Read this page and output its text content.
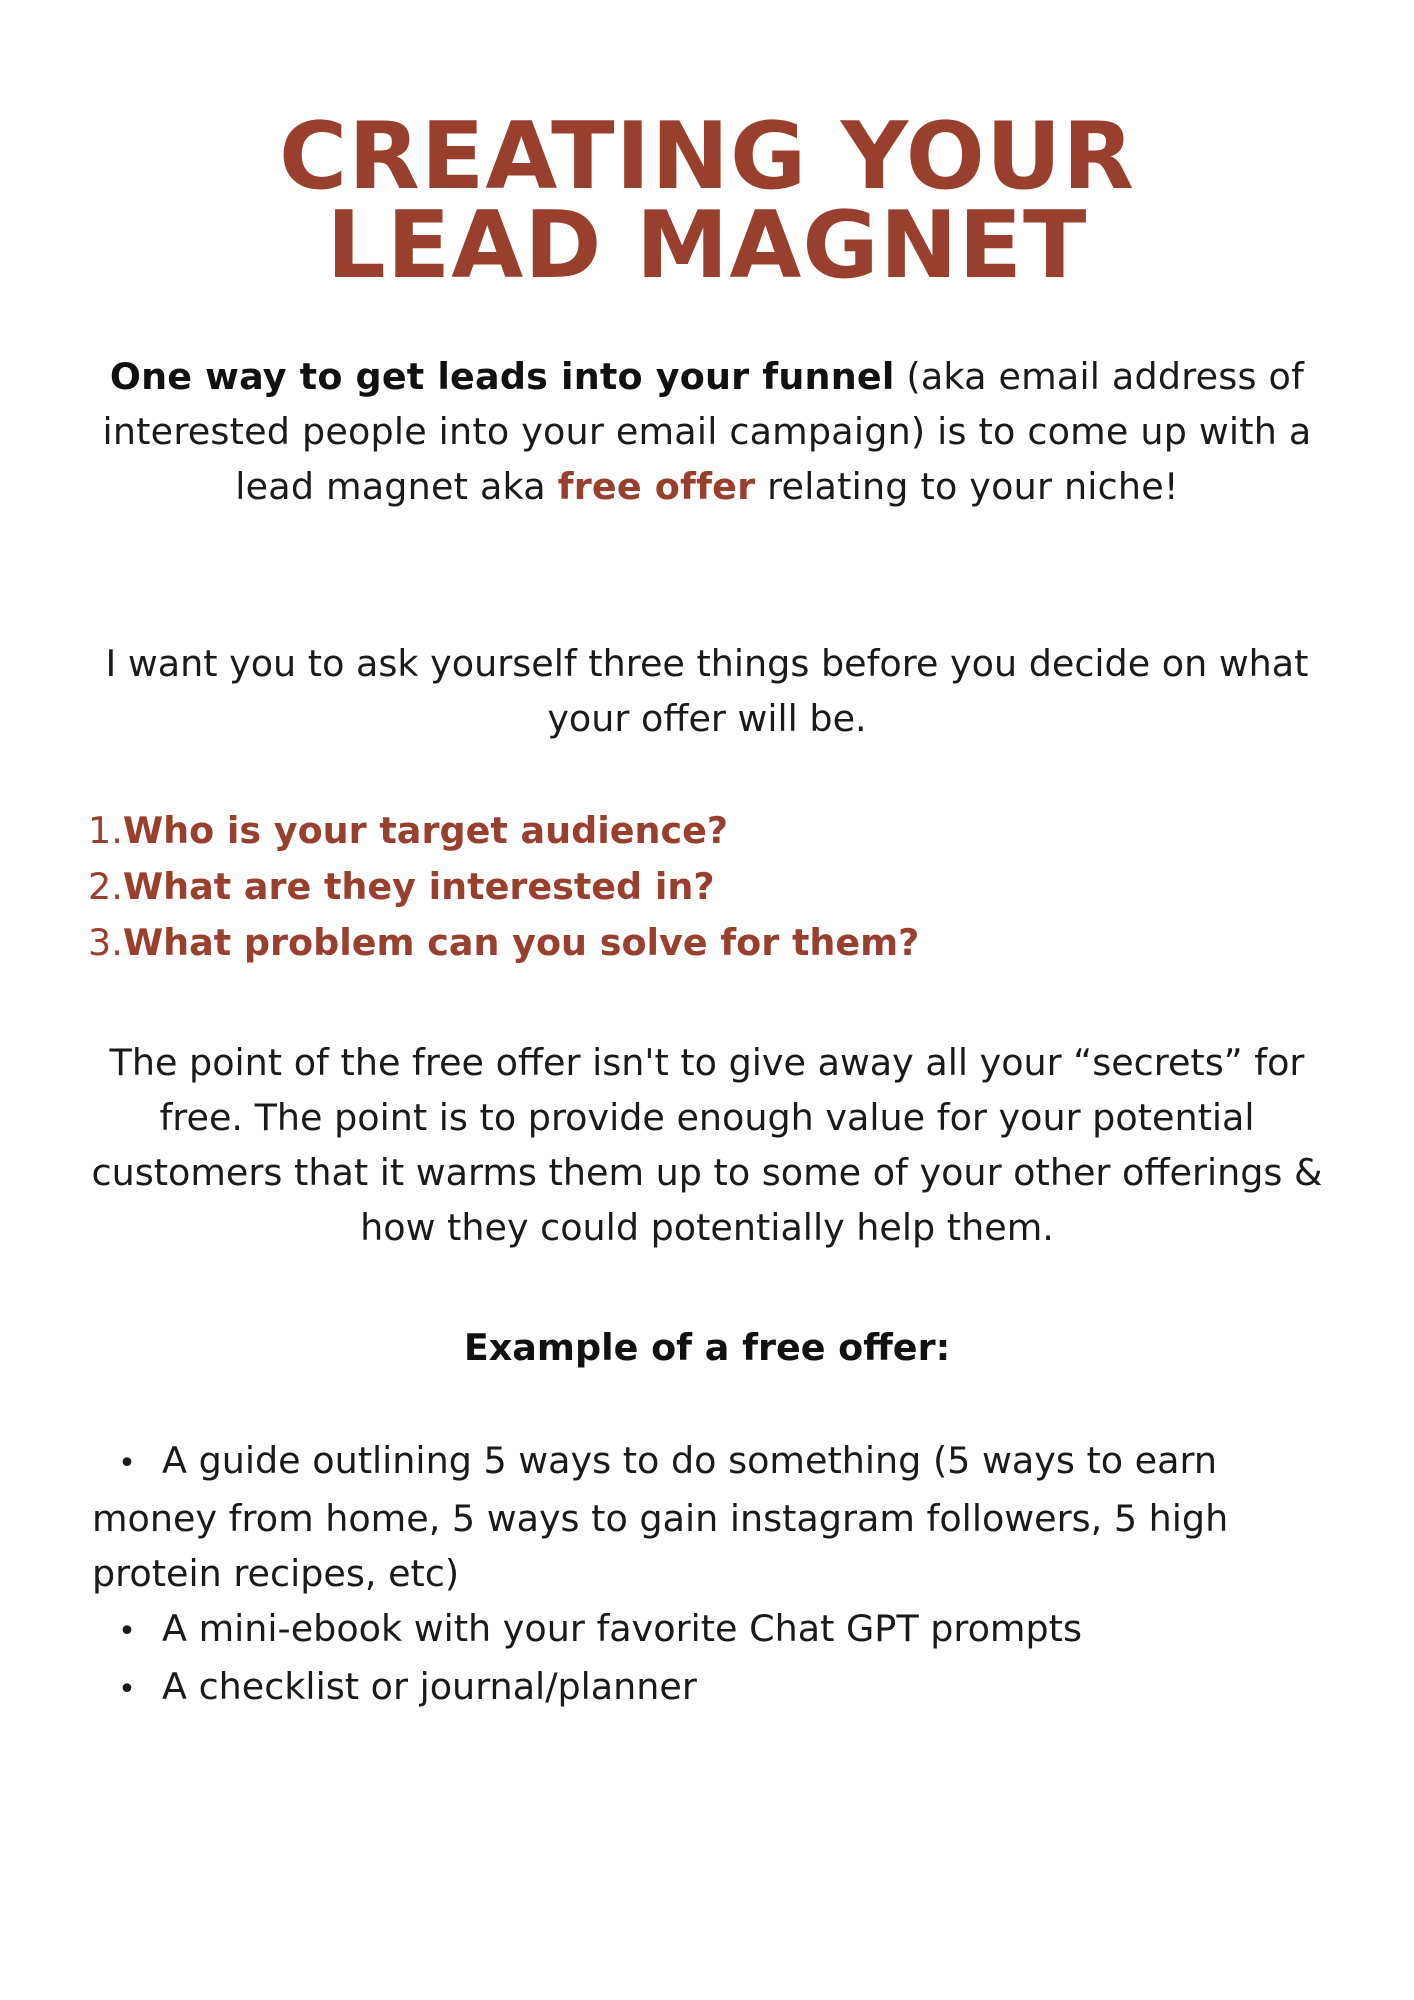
CREATING YOUR
LEAD MAGNET

One way to get leads into your funnel (aka email address of interested people into your email campaign) is to come up with a lead magnet aka free offer relating to your niche!

I want you to ask yourself three things before you decide on what your offer will be.

1.Who is your target audience?
2.What are they interested in?
3.What problem can you solve for them?

The point of the free offer isn't to give away all your “secrets” for free. The point is to provide enough value for your potential customers that it warms them up to some of your other offerings & how they could potentially help them.

Example of a free offer:

• A guide outlining 5 ways to do something (5 ways to earn money from home, 5 ways to gain instagram followers, 5 high protein recipes, etc)

• A mini-ebook with your favorite Chat GPT prompts

• A checklist or journal/planner
